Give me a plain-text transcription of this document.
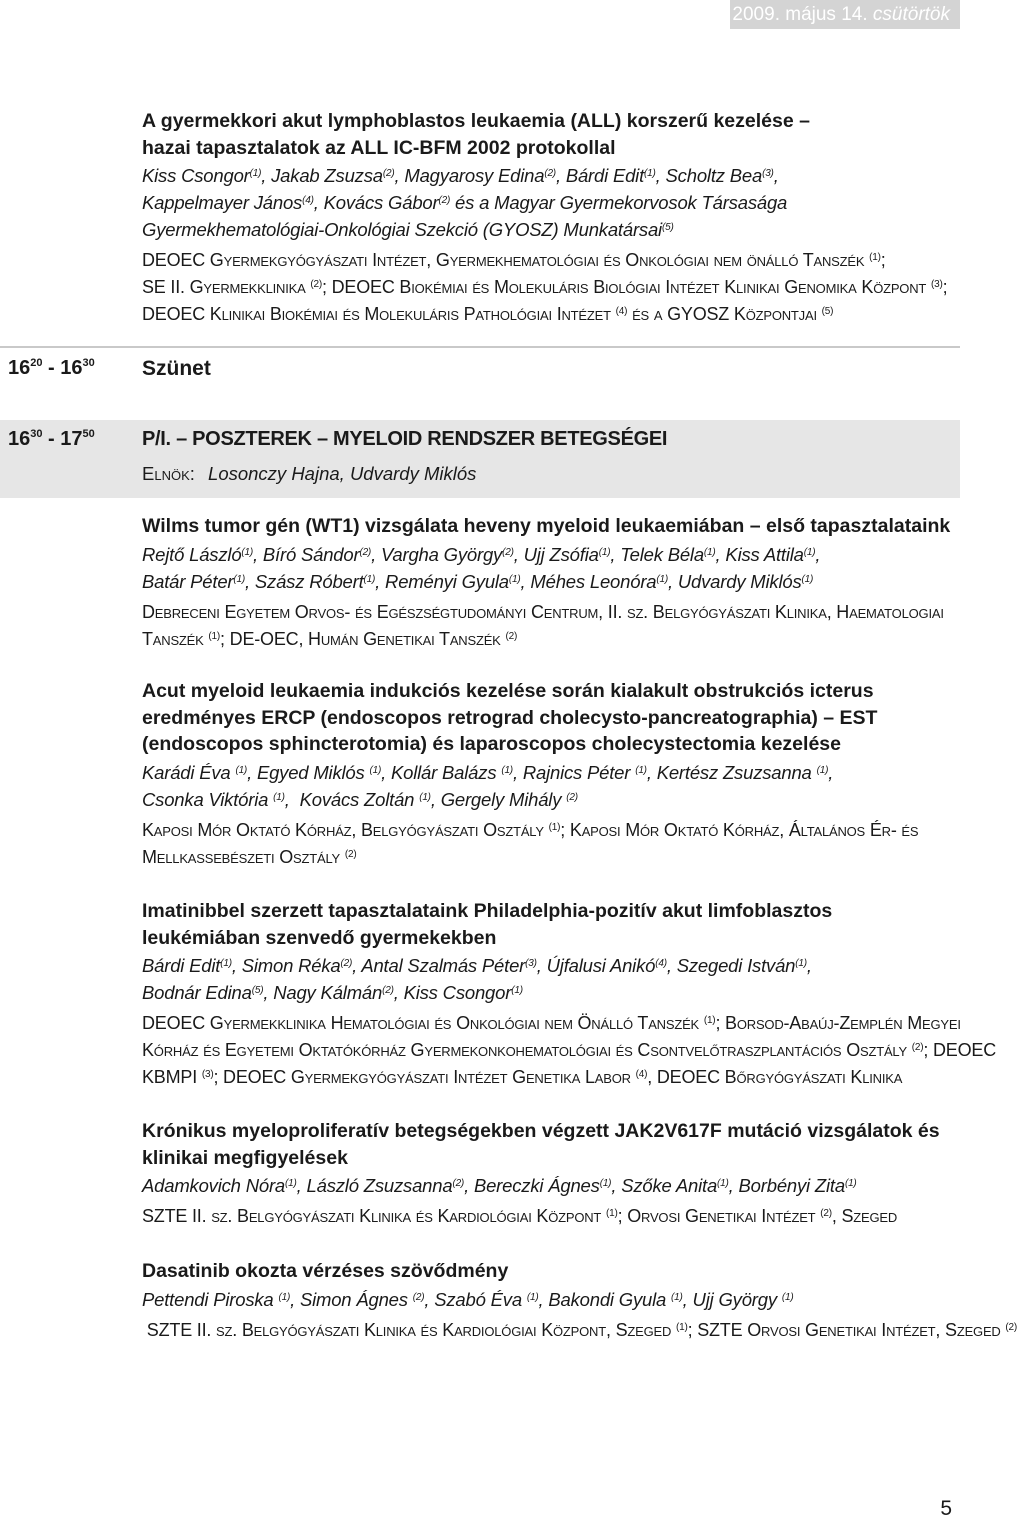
2009. május 14. csütörtök
A gyermekkori akut lymphoblastos leukaemia (ALL) korszerű kezelése –
hazai tapasztalatok az ALL IC-BFM 2002 protokollal
Kiss Csongor$^{(1)}$, Jakab Zsuzsa$^{(2)}$, Magyarosy Edina$^{(2)}$, Bárdi Edit$^{(1)}$, Scholtz Bea$^{(3)}$,
Kappelmayer János$^{(4)}$, Kovács Gábor$^{(2)}$ és a Magyar Gyermekorvosok Társasága
Gyermekhematológiai-Onkológiai Szekció (GYOSZ) Munkatársai$^{(5)}$
DEOEC Gyermekgyógyászati Intézet, Gyermekhematológiai és Onkológiai nem önálló Tanszék $^{(1)}$;
SE II. Gyermekklinika $^{(2)}$; DEOEC Biokémiai és Molekuláris Biológiai Intézet Klinikai Genomika Központ $^{(3)}$;
DEOEC Klinikai Biokémiai és Molekuláris Pathológiai Intézet $^{(4)}$ és a GYOSZ Központjai $^{(5)}$
$16^{20} - 16^{30}$ Szünet
$16^{30} - 17^{50}$ P/I. – POSZTEREK – MYELOID RENDSZER BETEGSÉGEI
Elnök: Losonczy Hajna, Udvardy Miklós
Wilms tumor gén (WT1) vizsgálata heveny myeloid leukaemiában – első tapasztalataink
Rejtő László$^{(1)}$, Bíró Sándor$^{(2)}$, Vargha György$^{(2)}$, Ujj Zsófia$^{(1)}$, Telek Béla$^{(1)}$, Kiss Attila$^{(1)}$,
Batár Péter$^{(1)}$, Szász Róbert$^{(1)}$, Reményi Gyula$^{(1)}$, Méhes Leonóra$^{(1)}$, Udvardy Miklós$^{(1)}$
Debreceni Egyetem Orvos- és Egészségtudományi Centrum, II. sz. Belgyógyászati Klinika, Haematologiai
Tanszék $^{(1)}$; DE-OEC, Humán Genetikai Tanszék $^{(2)}$
Acut myeloid leukaemia indukciós kezelése során kialakult obstrukciós icterus
eredményes ERCP (endoscopos retrograd cholecysto-pancreatographia) – EST
(endoscopos sphincterotomia) és laparoscopos cholecystectomia kezelése
Karádi Éva $^{(1)}$, Egyed Miklós $^{(1)}$, Kollár Balázs $^{(1)}$, Rajnics Péter $^{(1)}$, Kertész Zsuzsanna $^{(1)}$,
Csonka Viktória $^{(1)}$,  Kovács Zoltán $^{(1)}$, Gergely Mihály $^{(2)}$
Kaposi Mór Oktató Kórház, Belgyógyászati Osztály $^{(1)}$; Kaposi Mór Oktató Kórház, Általános Ér- és
Mellkassebészeti Osztály $^{(2)}$
Imatinibbel szerzett tapasztalataink Philadelphia-pozitív akut limfoblasztos
leukémiában szenvedő gyermekekben
Bárdi Edit$^{(1)}$, Simon Réka$^{(2)}$, Antal Szalmás Péter$^{(3)}$, Újfalusi Anikó$^{(4)}$, Szegedi István$^{(1)}$,
Bodnár Edina$^{(5)}$, Nagy Kálmán$^{(2)}$, Kiss Csongor$^{(1)}$
DEOEC Gyermekklinika Hematológiai és Onkológiai nem Önálló Tanszék $^{(1)}$; Borsod-Abaúj-Zemplén Megyei
Kórház és Egyetemi Oktatókórház Gyermekonkohematológiai és Csontvelőtraszplantációs Osztály $^{(2)}$; DEOEC
KBMPI $^{(3)}$; DEOEC Gyermekgyógyászati Intézet Genetika Labor $^{(4)}$, DEOEC Bőrgyógyászati Klinika
Krónikus myeloproliferatív betegségekben végzett JAK2V617F mutáció vizsgálatok és
klinikai megfigyelések
Adamkovich Nóra$^{(1)}$, László Zsuzsanna$^{(2)}$, Bereczki Ágnes$^{(1)}$, Szőke Anita$^{(1)}$, Borbényi Zita$^{(1)}$
SZTE II. sz. Belgyógyászati Klinika és Kardiológiai Központ $^{(1)}$; Orvosi Genetikai Intézet $^{(2)}$, Szeged
Dasatinib okozta vérzéses szövődmény
Pettendi Piroska $^{(1)}$, Simon Ágnes $^{(2)}$, Szabó Éva $^{(1)}$, Bakondi Gyula $^{(1)}$, Ujj György $^{(1)}$
SZTE II. sz. Belgyógyászati Klinika és Kardiológiai Központ, Szeged $^{(1)}$; SZTE Orvosi Genetikai Intézet, Szeged $^{(2)}$
5
